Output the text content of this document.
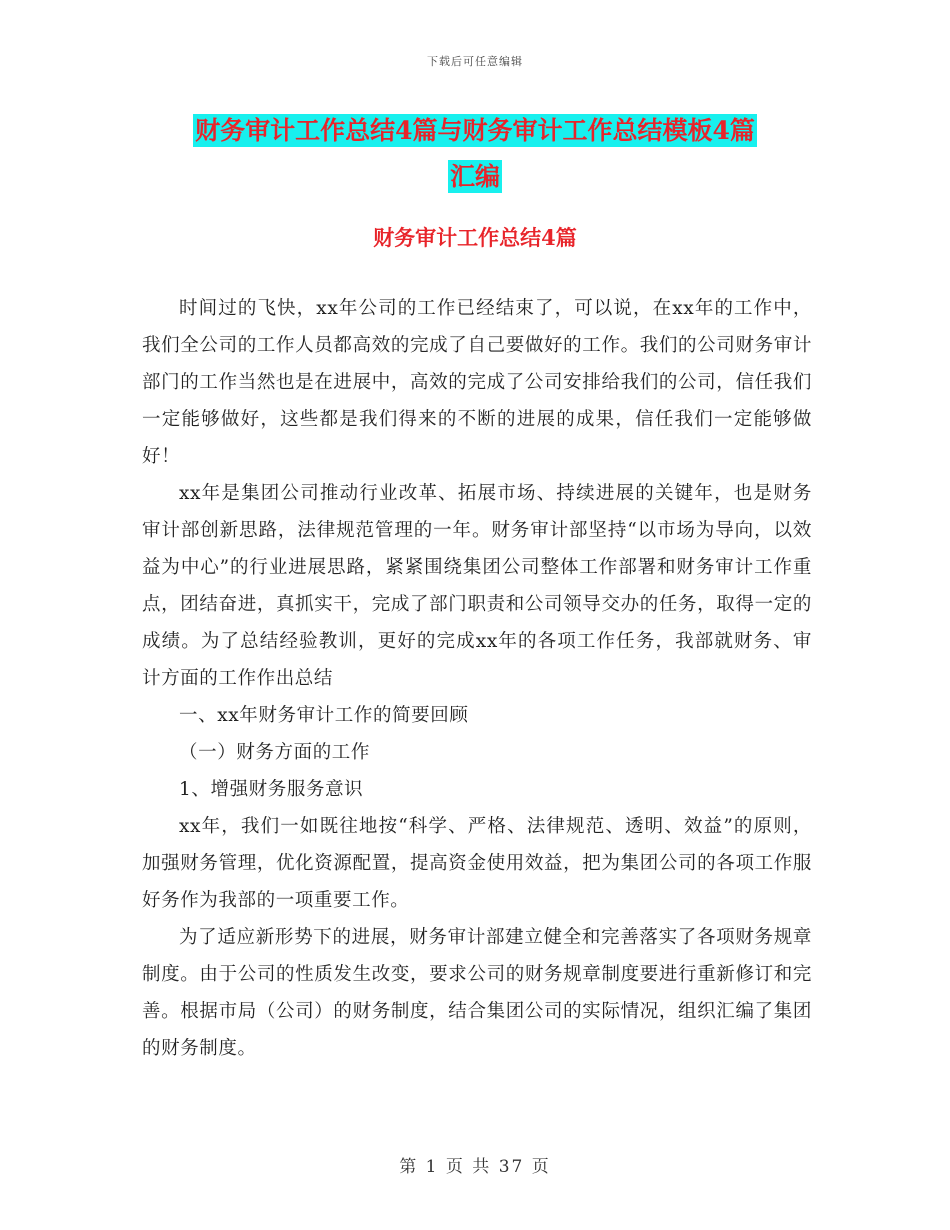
下载后可任意编辑
财务审计工作总结4篇与财务审计工作总结模板4篇
汇编
财务审计工作总结4篇

时间过的飞快，xx年公司的工作已经结束了，可以说，在xx年的工作中，我们全公司的工作人员都高效的完成了自己要做好的工作。我们的公司财务审计部门的工作当然也是在进展中，高效的完成了公司安排给我们的公司，信任我们一定能够做好，这些都是我们得来的不断的进展的成果，信任我们一定能够做好！

xx年是集团公司推动行业改革、拓展市场、持续进展的关键年，也是财务审计部创新思路，法律规范管理的一年。财务审计部坚持“以市场为导向，以效益为中心”的行业进展思路，紧紧围绕集团公司整体工作部署和财务审计工作重点，团结奋进，真抓实干，完成了部门职责和公司领导交办的任务，取得一定的成绩。为了总结经验教训，更好的完成xx年的各项工作任务，我部就财务、审计方面的工作作出总结

一、xx年财务审计工作的简要回顾

（一）财务方面的工作

1、增强财务服务意识

xx年，我们一如既往地按“科学、严格、法律规范、透明、效益”的原则，加强财务管理，优化资源配置，提高资金使用效益，把为集团公司的各项工作服好务作为我部的一项重要工作。

为了适应新形势下的进展，财务审计部建立健全和完善落实了各项财务规章制度。由于公司的性质发生改变，要求公司的财务规章制度要进行重新修订和完善。根据市局（公司）的财务制度，结合集团公司的实际情况，组织汇编了集团的财务制度。

第 1 页 共 37 页
